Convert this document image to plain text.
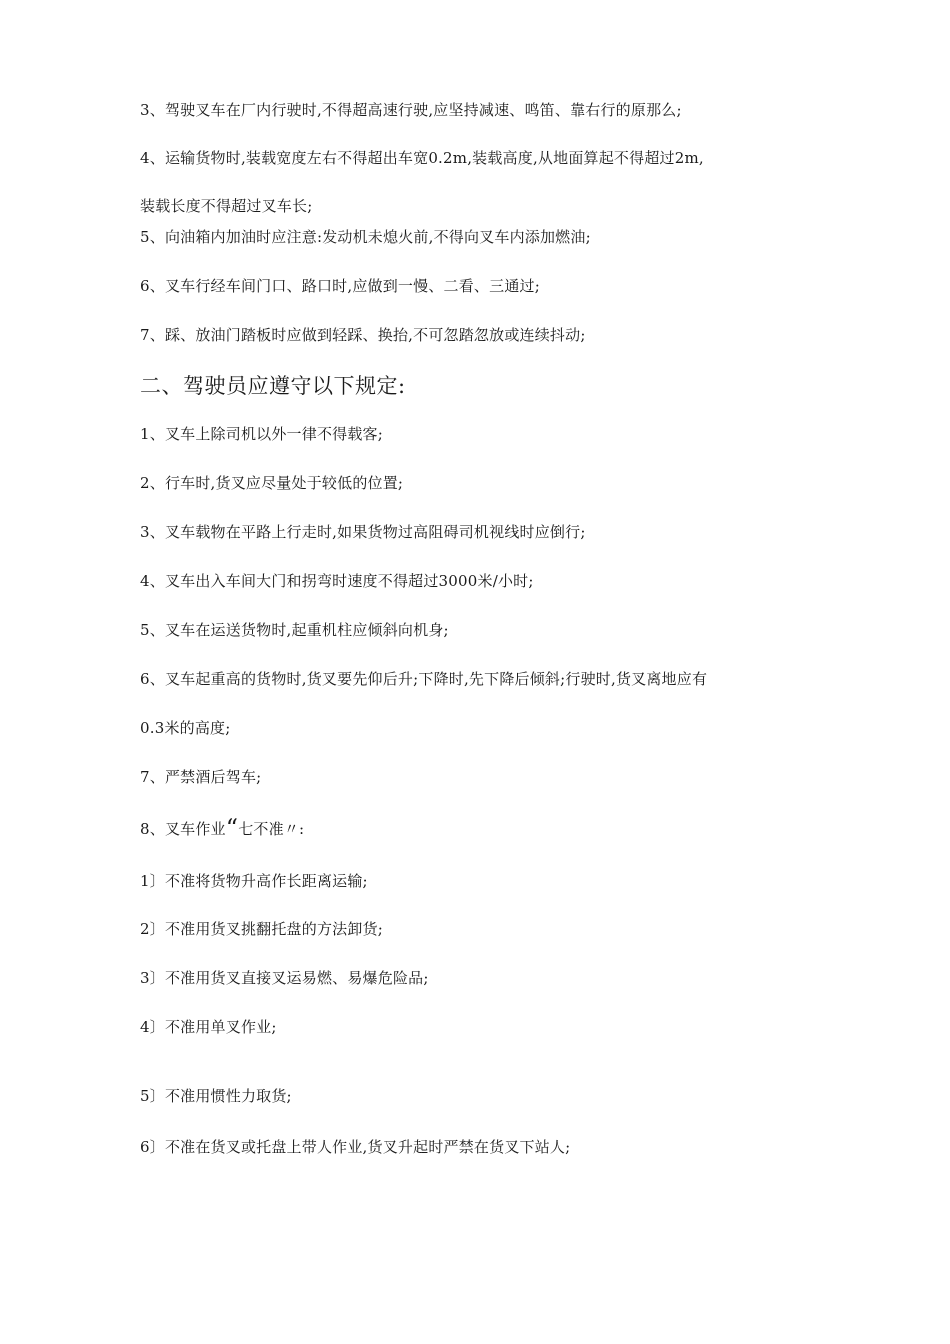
3、驾驶叉车在厂内行驶时,不得超高速行驶,应坚持减速、鸣笛、靠右行的原那么;
4、运输货物时,装载宽度左右不得超出车宽0.2m,装载高度,从地面算起不得超过2m,
装载长度不得超过叉车长;
5、向油箱内加油时应注意:发动机未熄火前,不得向叉车内添加燃油;
6、叉车行经车间门口、路口时,应做到一慢、二看、三通过;
7、踩、放油门踏板时应做到轻踩、换抬,不可忽踏忽放或连续抖动;
二、驾驶员应遵守以下规定:
1、叉车上除司机以外一律不得载客;
2、行车时,货叉应尽量处于较低的位置;
3、叉车载物在平路上行走时,如果货物过高阻碍司机视线时应倒行;
4、叉车出入车间大门和拐弯时速度不得超过3000米/小时;
5、叉车在运送货物时,起重机柱应倾斜向机身;
6、叉车起重高的货物时,货叉要先仰后升;下降时,先下降后倾斜;行驶时,货叉离地应有
0.3米的高度;
7、严禁酒后驾车;
8、叉车作业“七不准〃:
1〕不准将货物升高作长距离运输;
2〕不准用货叉挑翻托盘的方法卸货;
3〕不准用货叉直接叉运易燃、易爆危险品;
4〕不准用单叉作业;
5〕不准用惯性力取货;
6〕不准在货叉或托盘上带人作业,货叉升起时严禁在货叉下站人;
